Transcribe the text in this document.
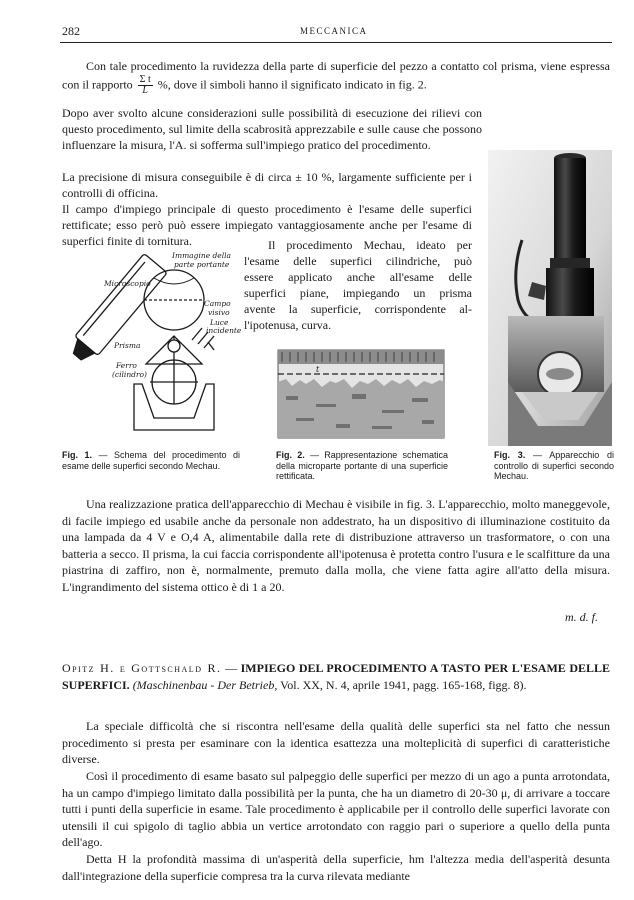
282	MECCANICA

Con tale procedimento la ruvidezza della parte di superficie del pezzo a contatto col prisma, viene espressa con il rapporto $\frac{\text{Σ t}}{L}$ %, dove il simboli hanno il significato indicato in fig. 2.

Dopo aver svolto alcune considerazioni sulle possibilità di esecuzione dei rilievi con questo procedimento, sul limite della scabrosità apprezzabile e sulle cause che possono influenzare la misura, l'A. si sofferma sull'impiego pratico del procedimento.

La precisione di misura conseguibile è di circa ± 10 %, largamente sufficiente per i controlli di officina.

Il campo d'impiego principale di questo procedimento è l'esame delle superfici rettificate; esso però può essere impiegato vantaggiosamente anche per l'esame di superfici finite di tornitura.	Il procedimento Mechau, ideato per
l'esame delle superfici cilindriche, può
essere applicato anche all'esame delle
superfici piane, impiegando un prisma
avente la superficie, corrispondente al-
l'ipotenusa, curva.
Immagine della
parte portante
Microscopio
Campo
visivo
Luce
incidente
Prisma
Ferro
(cilindro)
Fig. 1. — Schema del procedimento di esame delle superfici secondo Mechau.
t
Fig. 2. — Rappresentazione schematica della microparte portante di una superficie rettificata.
Fig. 3. — Apparecchio di controllo di superfici secondo Mechau.

Una realizzazione pratica dell'apparecchio di Mechau è visibile in fig. 3. L'apparecchio, molto maneggevole, di facile impiego ed usabile anche da personale non addestrato, ha un dispositivo di illuminazione costituito da una lampada da 4 V e O,4 A, alimentabile dalla rete di distribuzione attraverso un trasformatore, o con una batteria a secco. Il prisma, la cui faccia corrispondente all'ipotenusa è protetta contro l'usura e le scalfitture da una piastrina di zaffiro, non è, normalmente, premuto dalla molla, che viene fatta agire all'atto della misura. L'ingrandimento del sistema ottico è di 1 a 20.

m. d. f.

Opitz H. e Gottschald R. — IMPIEGO DEL PROCEDIMENTO A TASTO PER L'ESAME DELLE SUPERFICI. (Maschinenbau - Der Betrieb, Vol. XX, N. 4, aprile 1941, pagg. 165-168, figg. 8).

La speciale difficoltà che si riscontra nell'esame della qualità delle superfici sta nel fatto che nessun procedimento si presta per esaminare con la identica esattezza una molteplicità di superfici di caratteristiche diverse.

Così il procedimento di esame basato sul palpeggio delle superfici per mezzo di un ago a punta arrotondata, ha un campo d'impiego limitato dalla possibilità per la punta, che ha un diametro di 20-30 μ, di arrivare a toccare tutti i punti della superficie in esame. Tale procedimento è applicabile per il controllo delle superfici lavorate con utensili il cui spigolo di taglio abbia un vertice arrotondato con raggio pari o superiore a quello della punta dell'ago.

Detta H la profondità massima di un'asperità della superficie, hm l'altezza media dell'asperità desunta dall'integrazione della superficie compresa tra la curva rilevata mediante
